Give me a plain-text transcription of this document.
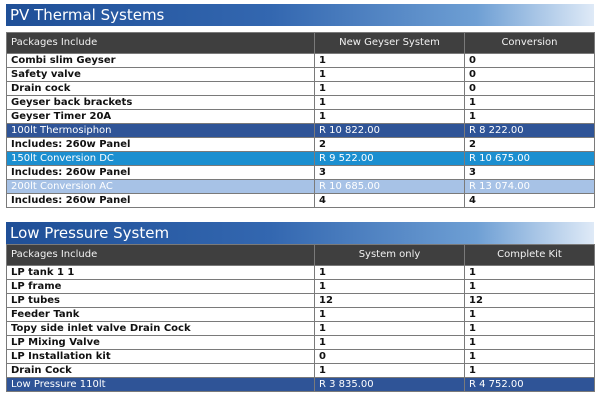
PV Thermal Systems
Packages Include	New Geyser System	Conversion
Combi slim Geyser	1	0
Safety valve	1	0
Drain cock	1	0
Geyser back brackets	1	1
Geyser Timer 20A	1	1
100lt Thermosiphon	R 10 822.00	R 8 222.00
Includes: 260w Panel	2	2
150lt Conversion DC	R 9 522.00	R 10 675.00
Includes: 260w Panel	3	3
200lt Conversion AC	R 10 685.00	R 13 074.00
Includes: 260w Panel	4	4
Low Pressure System
Packages Include	System only	Complete Kit
LP tank 1 1	1	1
LP frame	1	1
LP tubes	12	12
Feeder Tank	1	1
Topy side inlet valve Drain Cock	1	1
LP Mixing Valve	1	1
LP Installation kit	0	1
Drain Cock	1	1
Low Pressure 110lt	R 3 835.00	R 4 752.00
